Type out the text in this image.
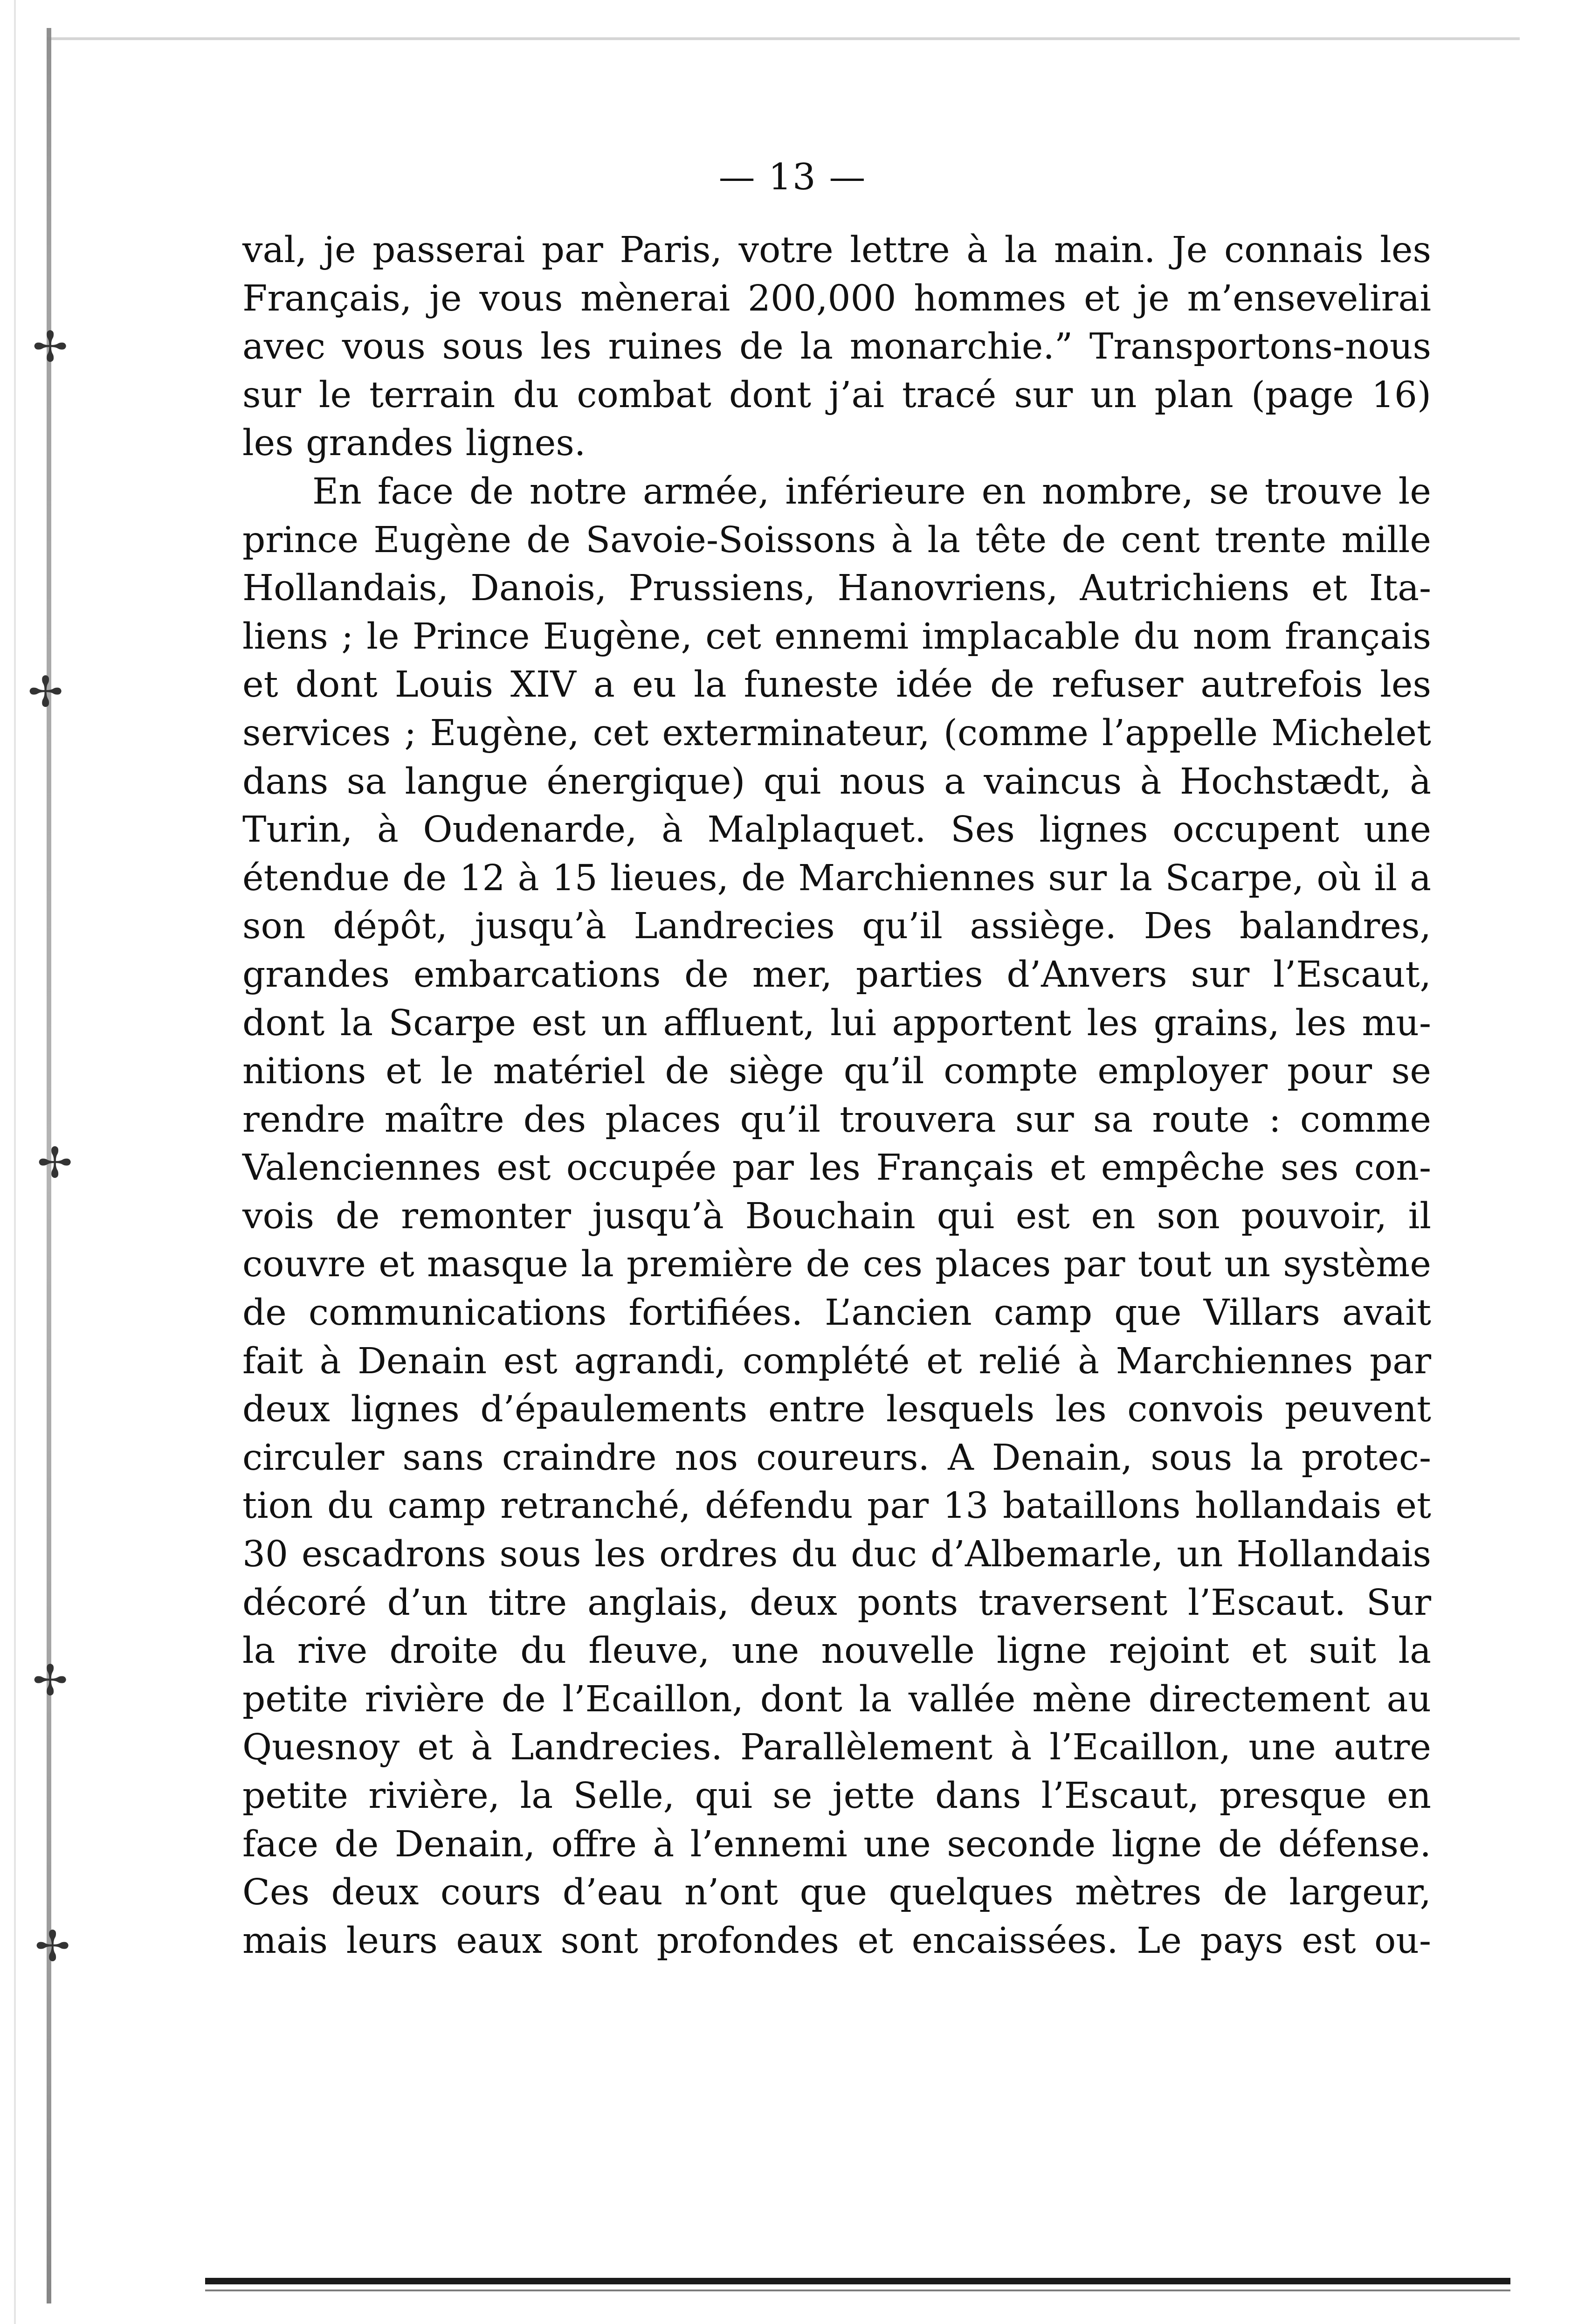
✢
✢
✢
✢
✢
— 13 —
val, je passerai par Paris, votre lettre à la main. Je connais les
Français, je vous mènerai 200,000 hommes et je m’ensevelirai
avec vous sous les ruines de la monarchie.” Transportons-nous
sur le terrain du combat dont j’ai tracé sur un plan (page 16)
les grandes lignes.
En face de notre armée, inférieure en nombre, se trouve le
prince Eugène de Savoie-Soissons à la tête de cent trente mille
Hollandais, Danois, Prussiens, Hanovriens, Autrichiens et Ita-
liens ; le Prince Eugène, cet ennemi implacable du nom français
et dont Louis XIV a eu la funeste idée de refuser autrefois les
services ; Eugène, cet exterminateur, (comme l’appelle Michelet
dans sa langue énergique) qui nous a vaincus à Hochstædt, à
Turin, à Oudenarde, à Malplaquet. Ses lignes occupent une
étendue de 12 à 15 lieues, de Marchiennes sur la Scarpe, où il a
son dépôt, jusqu’à Landrecies qu’il assiège. Des balandres,
grandes embarcations de mer, parties d’Anvers sur l’Escaut,
dont la Scarpe est un affluent, lui apportent les grains, les mu-
nitions et le matériel de siège qu’il compte employer pour se
rendre maître des places qu’il trouvera sur sa route : comme
Valenciennes est occupée par les Français et empêche ses con-
vois de remonter jusqu’à Bouchain qui est en son pouvoir, il
couvre et masque la première de ces places par tout un système
de communications fortifiées. L’ancien camp que Villars avait
fait à Denain est agrandi, complété et relié à Marchiennes par
deux lignes d’épaulements entre lesquels les convois peuvent
circuler sans craindre nos coureurs. A Denain, sous la protec-
tion du camp retranché, défendu par 13 bataillons hollandais et
30 escadrons sous les ordres du duc d’Albemarle, un Hollandais
décoré d’un titre anglais, deux ponts traversent l’Escaut. Sur
la rive droite du fleuve, une nouvelle ligne rejoint et suit la
petite rivière de l’Ecaillon, dont la vallée mène directement au
Quesnoy et à Landrecies. Parallèlement à l’Ecaillon, une autre
petite rivière, la Selle, qui se jette dans l’Escaut, presque en
face de Denain, offre à l’ennemi une seconde ligne de défense.
Ces deux cours d’eau n’ont que quelques mètres de largeur,
mais leurs eaux sont profondes et encaissées. Le pays est ou-
